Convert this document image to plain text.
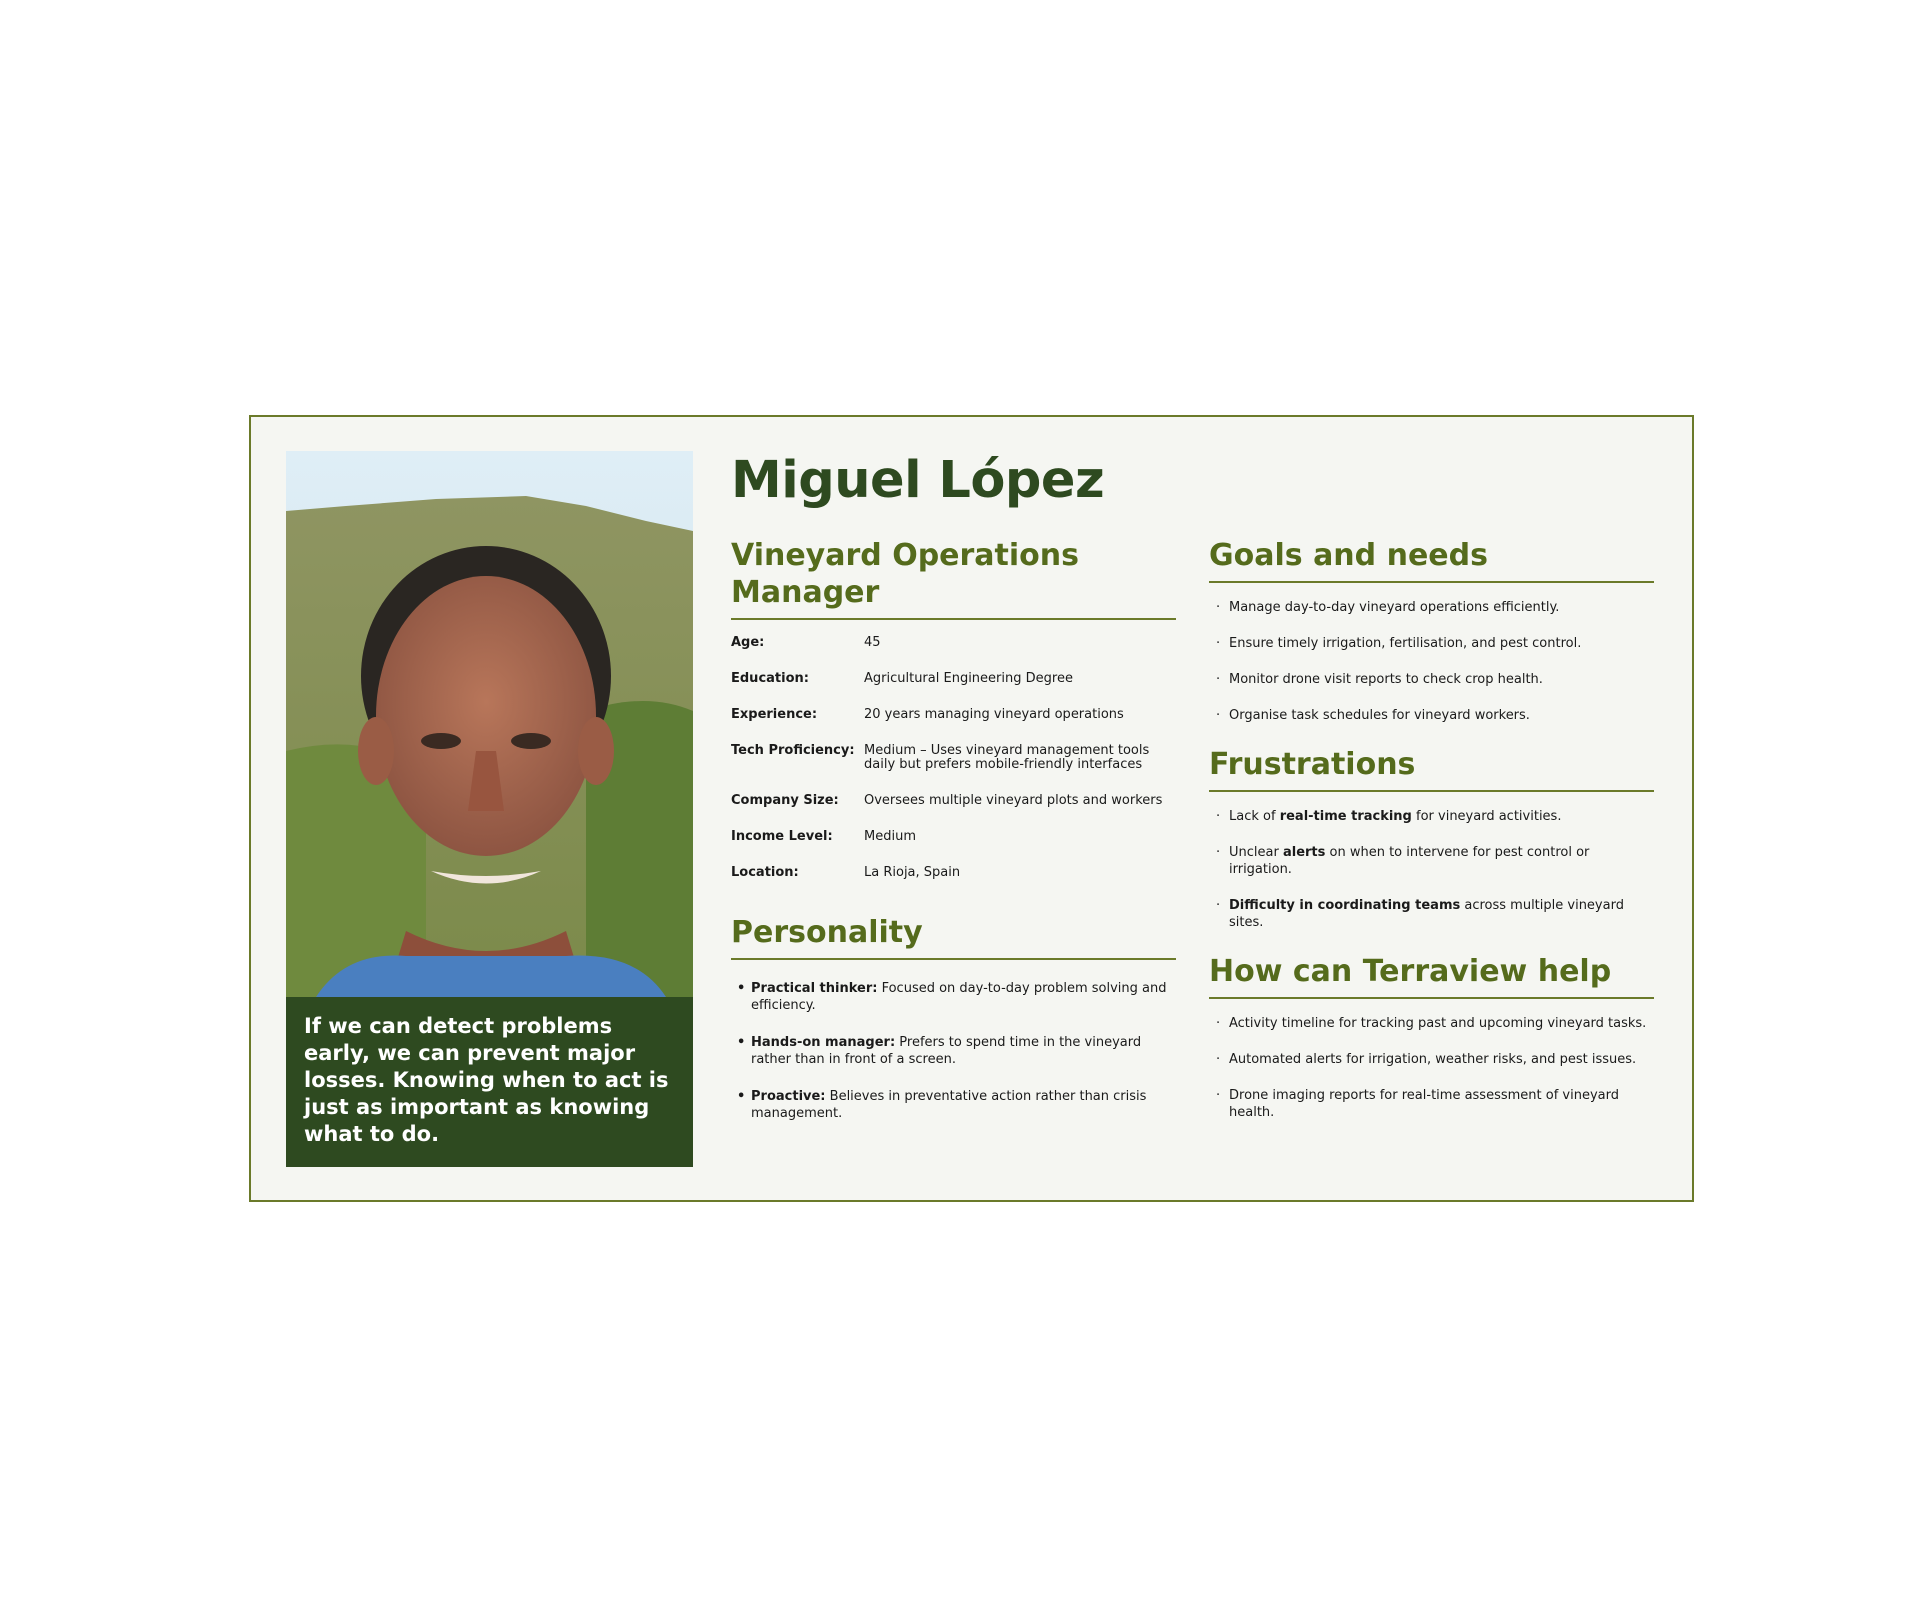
If we can detect problems early, we can prevent major losses. Knowing when to act is just as important as knowing what to do.
Miguel López
Vineyard Operations Manager
Age:	45
Education:	Agricultural Engineering Degree
Experience:	20 years managing vineyard operations
Tech Proficiency: Medium – Uses vineyard management tools daily but prefers mobile-friendly interfaces
Company Size:	Oversees multiple vineyard plots and workers
Income Level:	Medium
Location:	La Rioja, Spain
Personality
• Practical thinker: Focused on day-to-day problem solving and efficiency.
• Hands-on manager: Prefers to spend time in the vineyard rather than in front of a screen.
• Proactive: Believes in preventative action rather than crisis management.
Goals and needs
· Manage day-to-day vineyard operations efficiently.
· Ensure timely irrigation, fertilisation, and pest control.
· Monitor drone visit reports to check crop health.
· Organise task schedules for vineyard workers.
Frustrations
· Lack of real-time tracking for vineyard activities.
· Unclear alerts on when to intervene for pest control or irrigation.
· Difficulty in coordinating teams across multiple vineyard sites.
How can Terraview help
· Activity timeline for tracking past and upcoming vineyard tasks.
· Automated alerts for irrigation, weather risks, and pest issues.
· Drone imaging reports for real-time assessment of vineyard health.
